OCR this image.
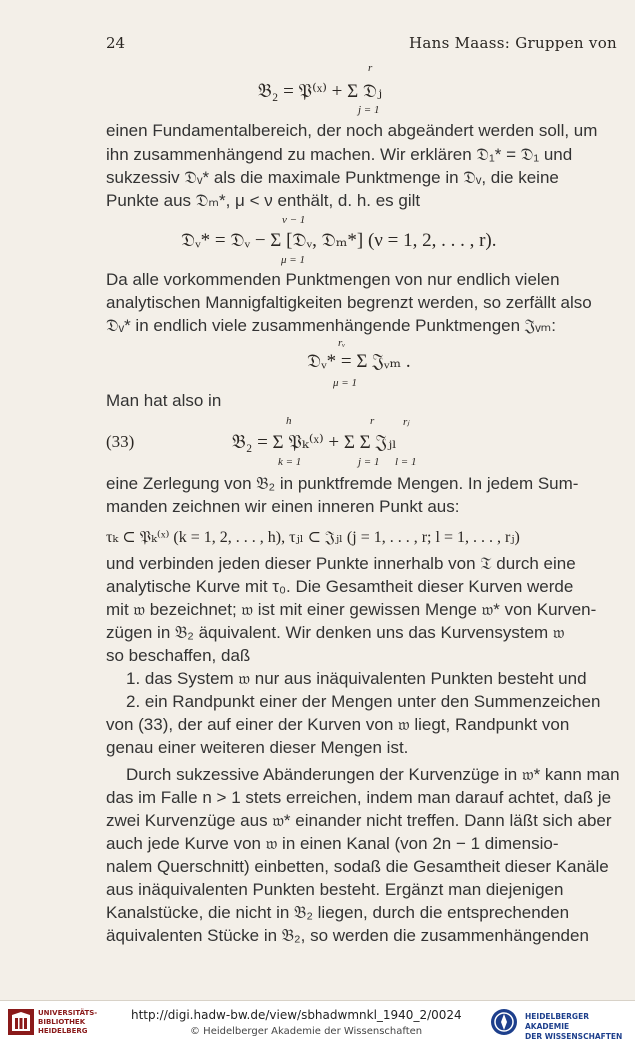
24	Hans Maass: Gruppen von
r
𝔅₂ = 𝔓⁽ˣ⁾ + Σ 𝔇ⱼ
j = 1
einen Fundamentalbereich, der noch abgeändert werden soll, um
ihn zusammenhängend zu machen. Wir erklären 𝔇₁* = 𝔇₁ und
sukzessiv 𝔇ᵥ* als die maximale Punktmenge in 𝔇ᵥ, die keine
Punkte aus 𝔇ₘ*, μ < ν enthält, d. h. es gilt
ν − 1
𝔇ᵥ* = 𝔇ᵥ − Σ [𝔇ᵥ, 𝔇ₘ*] (ν = 1, 2, . . . , r).
μ = 1
Da alle vorkommenden Punktmengen von nur endlich vielen
analytischen Mannigfaltigkeiten begrenzt werden, so zerfällt also
𝔇ᵥ* in endlich viele zusammenhängende Punktmengen 𝔍ᵥₘ:
rᵥ
𝔇ᵥ* = Σ 𝔍ᵥₘ .
μ = 1
Man hat also in
(33)
h	r	rⱼ
𝔅₂ = Σ 𝔓ₖ⁽ˣ⁾ + Σ Σ 𝔍ⱼₗ
k = 1	j = 1 l = 1
eine Zerlegung von 𝔅₂ in punktfremde Mengen. In jedem Sum-
manden zeichnen wir einen inneren Punkt aus:
τₖ ⊂ 𝔓ₖ⁽ˣ⁾ (k = 1, 2, . . . , h), τⱼₗ ⊂ 𝔍ⱼₗ (j = 1, . . . , r; l = 1, . . . , rⱼ)
und verbinden jeden dieser Punkte innerhalb von 𝔗 durch eine
analytische Kurve mit τ₀. Die Gesamtheit dieser Kurven werde
mit 𝔴 bezeichnet; 𝔴 ist mit einer gewissen Menge 𝔴* von Kurven-
zügen in 𝔅₂ äquivalent. Wir denken uns das Kurvensystem 𝔴
so beschaffen, daß
1. das System 𝔴 nur aus inäquivalenten Punkten besteht und
2. ein Randpunkt einer der Mengen unter den Summenzeichen
von (33), der auf einer der Kurven von 𝔴 liegt, Randpunkt von
genau einer weiteren dieser Mengen ist.
Durch sukzessive Abänderungen der Kurvenzüge in 𝔴* kann man
das im Falle n > 1 stets erreichen, indem man darauf achtet, daß je
zwei Kurvenzüge aus 𝔴* einander nicht treffen. Dann läßt sich aber
auch jede Kurve von 𝔴 in einen Kanal (von 2n − 1 dimensio-
nalem Querschnitt) einbetten, sodaß die Gesamtheit dieser Kanäle
aus inäquivalenten Punkten besteht. Ergänzt man diejenigen
Kanalstücke, die nicht in 𝔅₂ liegen, durch die entsprechenden
äquivalenten Stücke in 𝔅₂, so werden die zusammenhängenden
UNIVERSITÄTS-
BIBLIOTHEK
HEIDELBERG
http://digi.hadw-bw.de/view/sbhadwmnkl_1940_2/0024
© Heidelberger Akademie der Wissenschaften
HEIDELBERGER AKADEMIE
DER WISSENSCHAFTEN
